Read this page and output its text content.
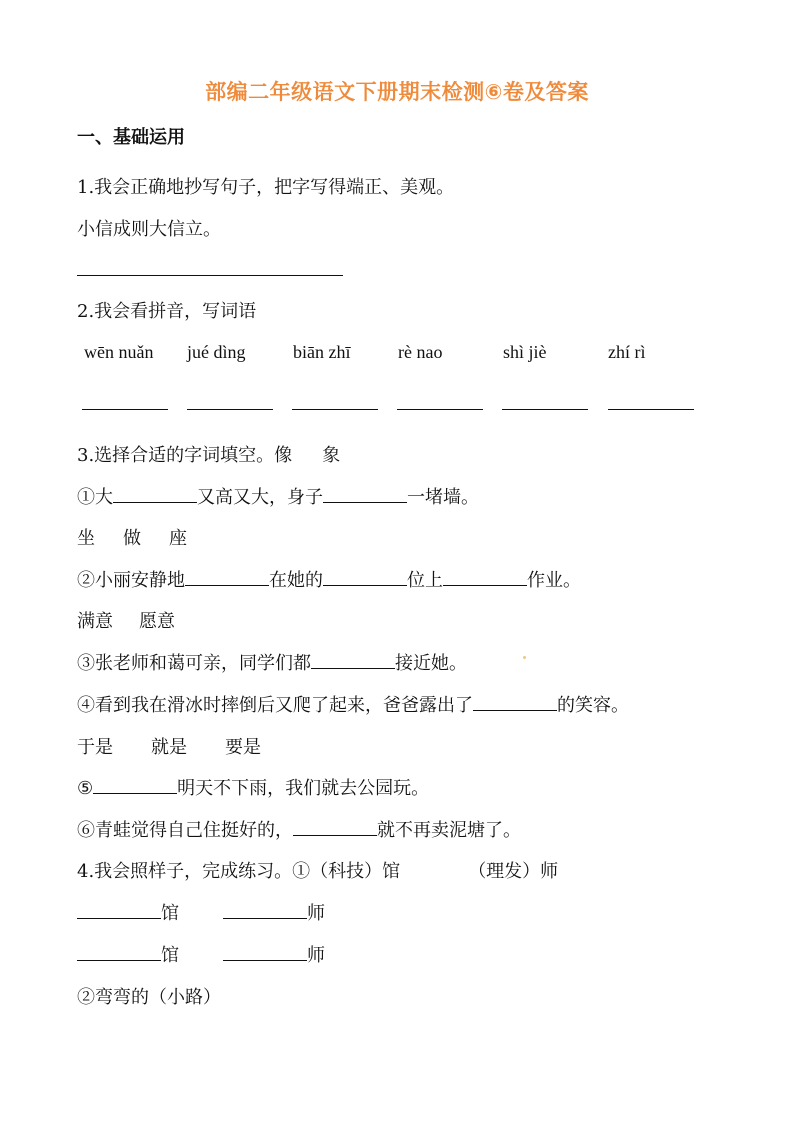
部编二年级语文下册期末检测⑥卷及答案
一、基础运用
1.我会正确地抄写句子，把字写得端正、美观。
小信成则大信立。
2.我会看拼音，写词语
wēn nuǎn jué dìng	biān zhī	rè nao	shì jiè	zhí rì
3.选择合适的字词填空。像 象
①大	又高又大，身子	一堵墙。
坐 做 座
②小丽安静地	在她的	位上	作业。
满意 愿意
③张老师和蔼可亲，同学们都	接近她。
④看到我在滑冰时摔倒后又爬了起来，爸爸露出了	的笑容。
于是 就是 要是
⑤	明天不下雨，我们就去公园玩。
⑥青蛙觉得自己住挺好的，	就不再卖泥塘了。
4.我会照样子，完成练习。①（科技）馆	（理发）师
馆	师
馆	师
②弯弯的（小路）
